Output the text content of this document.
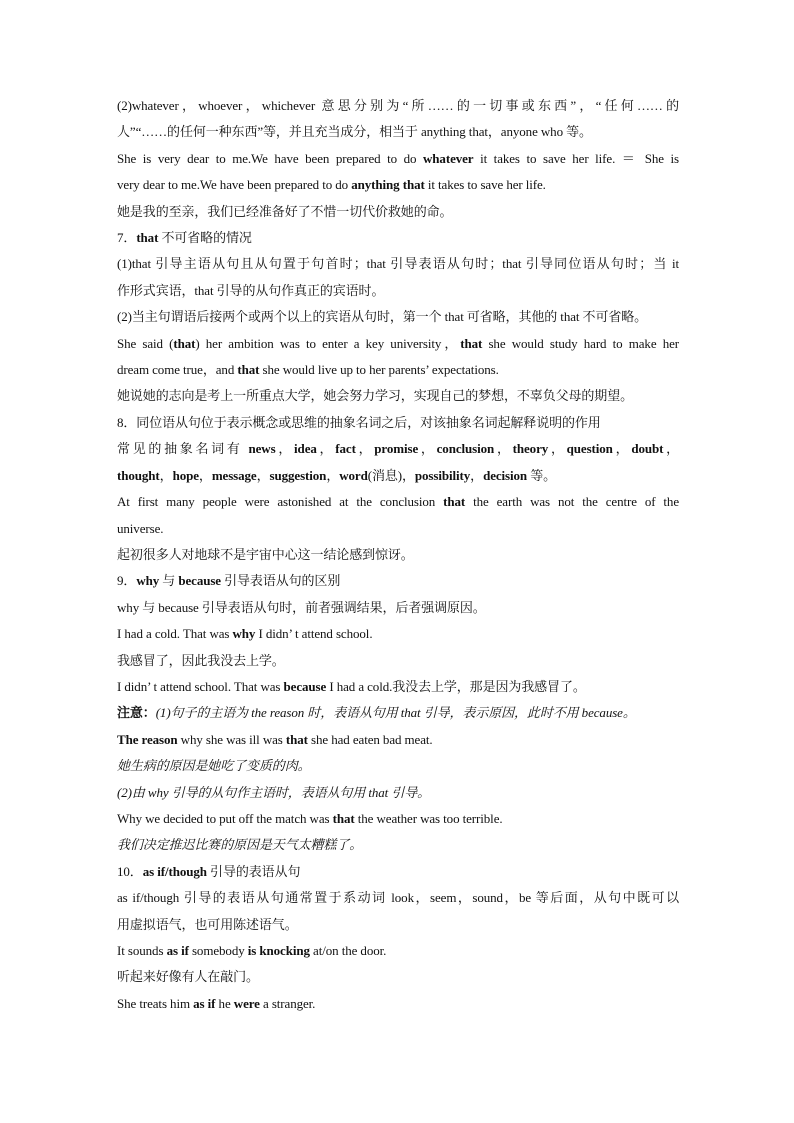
(2)whatever，whoever，whichever 意思分别为“所……的一切事或东西”，“任何……的
人”“……的任何一种东西”等，并且充当成分，相当于 anything that，anyone who 等。
She is very dear to me.We have been prepared to do whatever it takes to save her life. ＝ She is
very dear to me.We have been prepared to do anything that it takes to save her life.
她是我的至亲，我们已经准备好了不惜一切代价救她的命。
7．that 不可省略的情况
(1)that 引导主语从句且从句置于句首时；that 引导表语从句时；that 引导同位语从句时；当 it
作形式宾语，that 引导的从句作真正的宾语时。
(2)当主句谓语后接两个或两个以上的宾语从句时，第一个 that 可省略，其他的 that 不可省略。
She said (that) her ambition was to enter a key university，that she would study hard to make her
dream come true，and that she would live up to her parents’ expectations.
她说她的志向是考上一所重点大学，她会努力学习，实现自己的梦想，不辜负父母的期望。
8．同位语从句位于表示概念或思维的抽象名词之后，对该抽象名词起解释说明的作用
常见的抽象名词有 news，idea，fact，promise，conclusion，theory，question，doubt，
thought，hope，message，suggestion，word(消息)，possibility，decision 等。
At first many people were astonished at the conclusion that the earth was not the centre of the
universe.
起初很多人对地球不是宇宙中心这一结论感到惊讶。
9．why 与 because 引导表语从句的区别
why 与 because 引导表语从句时，前者强调结果，后者强调原因。
I had a cold. That was why I didn’ t attend school.
我感冒了，因此我没去上学。
I didn’ t attend school. That was because I had a cold.我没去上学，那是因为我感冒了。
注意：(1)句子的主语为 the reason 时，表语从句用 that 引导，表示原因，此时不用 because。
The reason why she was ill was that she had eaten bad meat.
她生病的原因是她吃了变质的肉。
(2)由 why 引导的从句作主语时，表语从句用 that 引导。
Why we decided to put off the match was that the weather was too terrible.
我们决定推迟比赛的原因是天气太糟糕了。
10．as if/though 引导的表语从句
as if/though 引导的表语从句通常置于系动词 look，seem，sound，be 等后面，从句中既可以
用虚拟语气，也可用陈述语气。
It sounds as if somebody is knocking at/on the door.
听起来好像有人在敲门。
She treats him as if he were a stranger.
